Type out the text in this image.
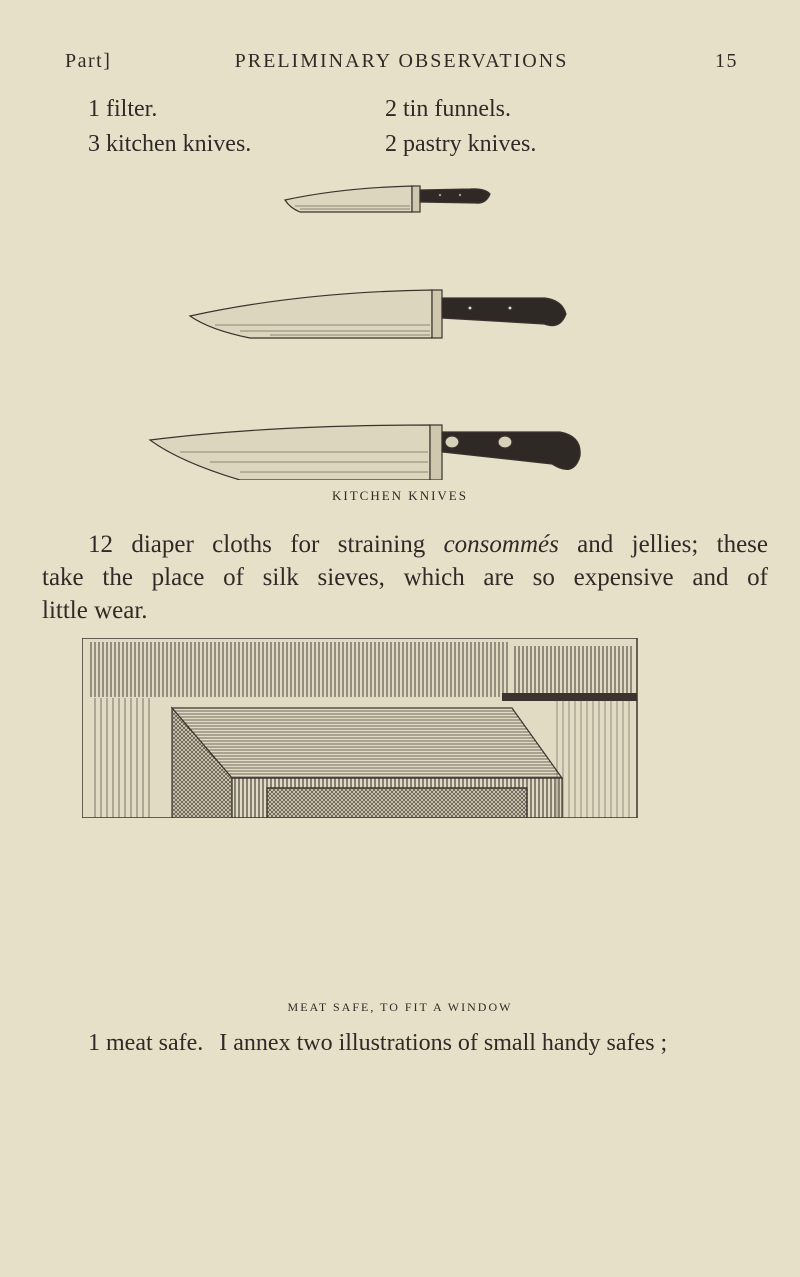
Part]	PRELIMINARY OBSERVATIONS	15
1 filter.	2 tin funnels.
3 kitchen knives.	2 pastry knives.
KITCHEN KNIVES
12 diaper cloths for straining consommés and jellies; these
take the place of silk sieves, which are so expensive and of
little wear.
MEAT SAFE, TO FIT A WINDOW
1 meat safe. I annex two illustrations of small handy safes ;
